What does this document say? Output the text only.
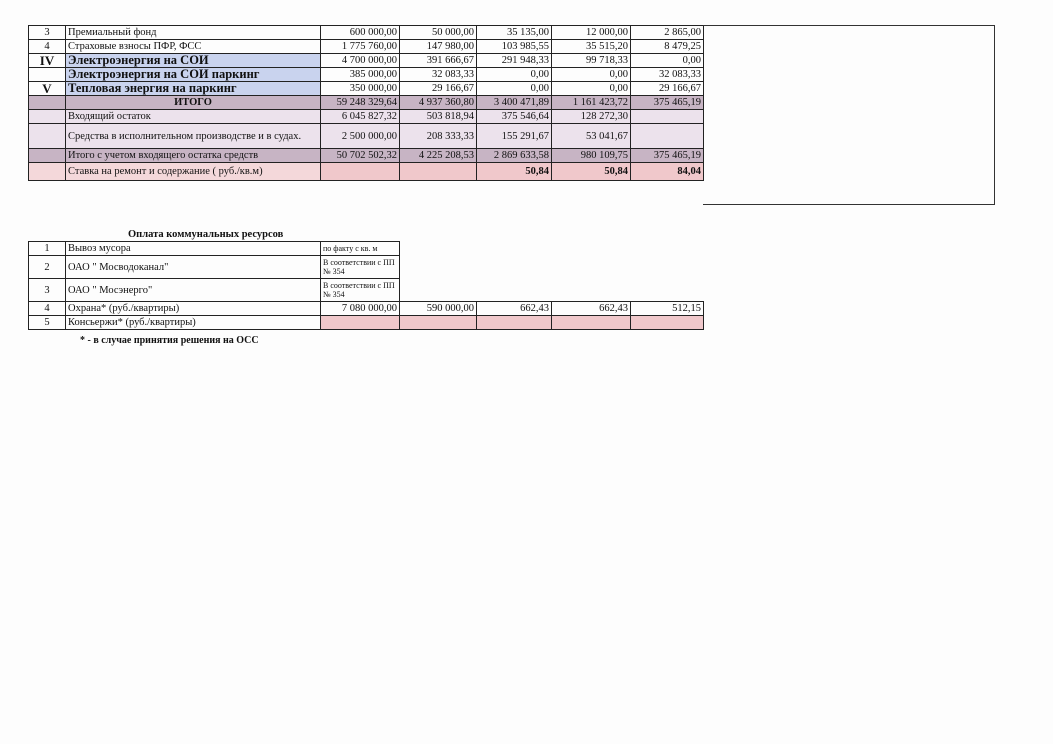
3	Премиальный фонд	600 000,00	50 000,00	35 135,00	12 000,00	2 865,00
4	Страховые взносы ПФР, ФСС	1 775 760,00	147 980,00	103 985,55	35 515,20	8 479,25
IV	Электроэнергия на СОИ	4 700 000,00	391 666,67	291 948,33	99 718,33	0,00
	Электроэнергия на СОИ паркинг	385 000,00	32 083,33	0,00	0,00	32 083,33
V	Тепловая энергия на паркинг	350 000,00	29 166,67	0,00	0,00	29 166,67
	ИТОГО	59 248 329,64	4 937 360,80	3 400 471,89	1 161 423,72	375 465,19
	Входящий остаток	6 045 827,32	503 818,94	375 546,64	128 272,30	
	Средства в исполнительном производстве и в судах.	2 500 000,00	208 333,33	155 291,67	53 041,67	
	Итого с учетом входящего остатка средств	50 702 502,32	4 225 208,53	2 869 633,58	980 109,75	375 465,19
	Ставка на ремонт и содержание ( руб./кв.м)			50,84	50,84	84,04
Оплата коммунальных ресурсов
1	Вывоз мусора	по факту с кв. м				
2	ОАО " Мосводоканал"	В соответствии с ПП № 354				
3	ОАО " Мосэнерго"	В соответствии с ПП № 354				
4	Охрана* (руб./квартиры)	7 080 000,00	590 000,00	662,43	662,43	512,15
5	Консьержи* (руб./квартиры)					
* - в случае принятия решения на ОСС
